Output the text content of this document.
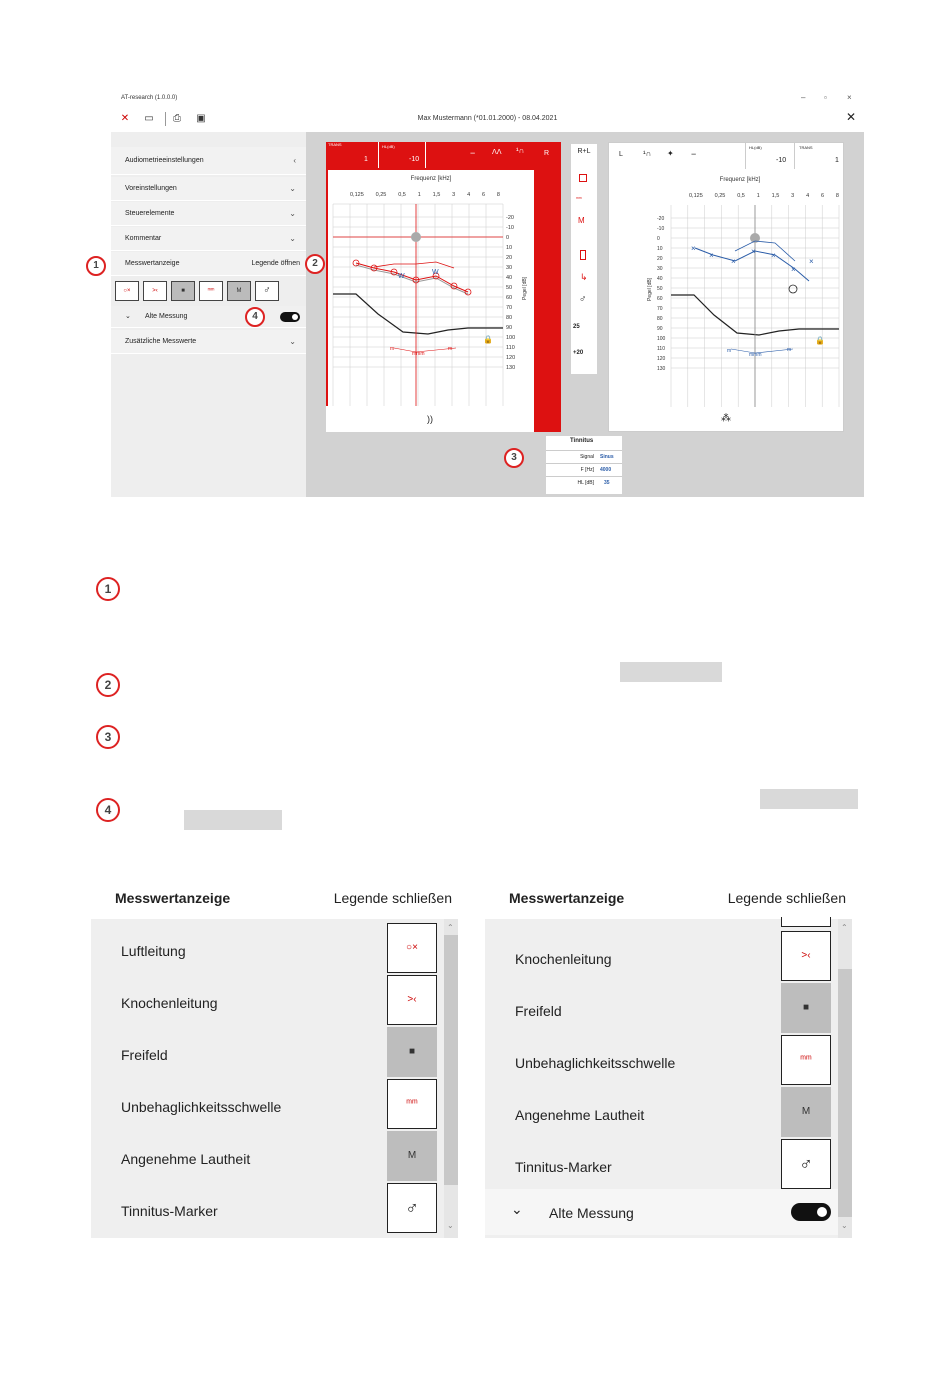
AT-research (1.0.0.0)	– ▫	×
✕	▭	⎙	▣	Max Mustermann (*01.01.2000) - 08.04.2021	✕
Audiometrieeinstellungen	‹
Voreinstellungen	⌄
Steuerelemente	⌄
Kommentar	⌄
Messwertanzeige	Legende öffnen
○×	>‹	■	ᵐᵐ	M	♂
⌄ Alte Messung
Zusätzliche Messwerte	⌄
TRANS
1
HL(dB)
-10
− ᐱᐱ ¹∩	R
Frequenz [kHz]
W
W
m
mmm
m
-20
-10
0
10
20
30
40
50
60
70
80
90
100
110
120
130
Pegel [dB]
🔒
0,125 0,25 0,5 1 1,5 3 4 6 8
))
R+L
ᵐᵐ
M
↳
♂
25
+20
L	¹∩ ✦ −
HL(dB)
-10
TRANS
1
Frequenz [kHz]
×
×
×
× ×
×
×
m
mmm
m
-20
-10
0
10
20
30
40
50
60
70
80
90
100
110
120
130
Pegel [dB]
🔒
0,125 0,25 0,5 1 1,5 3 4 6 8
⁂
Tinnitus
Signal Sinus
F [Hz] 4000
HL [dB] 35
1	2
3
4
1
2
3
4
Messwertanzeige	Legende schließen
Luftleitung	○×
Knochenleitung	>‹
Freifeld	■
Unbehaglichkeitsschwelle	ᵐᵐ
Angenehme Lautheit	M
Tinnitus-Marker	♂
⌃
⌄
Messwertanzeige	Legende schließen
Knochenleitung	>‹
Freifeld	■
Unbehaglichkeitsschwelle	ᵐᵐ
Angenehme Lautheit	M
Tinnitus-Marker	♂
⌄ Alte Messung
⌃
⌄
